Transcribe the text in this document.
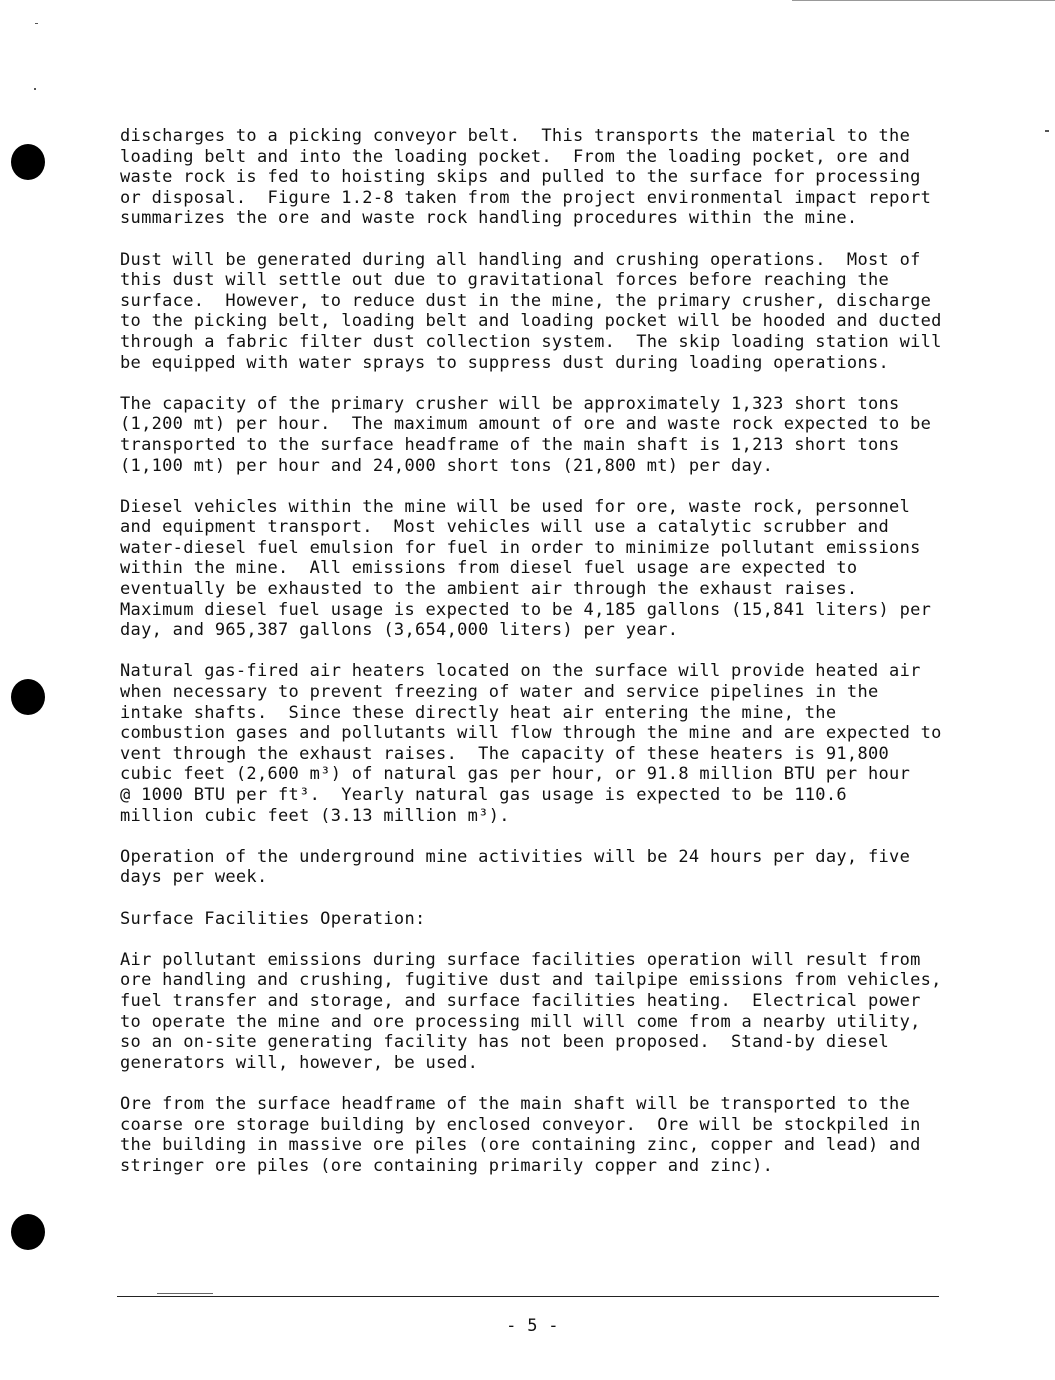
discharges to a picking conveyor belt.  This transports the material to the
loading belt and into the loading pocket.  From the loading pocket, ore and
waste rock is fed to hoisting skips and pulled to the surface for processing
or disposal.  Figure 1.2-8 taken from the project environmental impact report
summarizes the ore and waste rock handling procedures within the mine.

Dust will be generated during all handling and crushing operations.  Most of
this dust will settle out due to gravitational forces before reaching the
surface.  However, to reduce dust in the mine, the primary crusher, discharge
to the picking belt, loading belt and loading pocket will be hooded and ducted
through a fabric filter dust collection system.  The skip loading station will
be equipped with water sprays to suppress dust during loading operations.

The capacity of the primary crusher will be approximately 1,323 short tons
(1,200 mt) per hour.  The maximum amount of ore and waste rock expected to be
transported to the surface headframe of the main shaft is 1,213 short tons
(1,100 mt) per hour and 24,000 short tons (21,800 mt) per day.

Diesel vehicles within the mine will be used for ore, waste rock, personnel
and equipment transport.  Most vehicles will use a catalytic scrubber and
water-diesel fuel emulsion for fuel in order to minimize pollutant emissions
within the mine.  All emissions from diesel fuel usage are expected to
eventually be exhausted to the ambient air through the exhaust raises.
Maximum diesel fuel usage is expected to be 4,185 gallons (15,841 liters) per
day, and 965,387 gallons (3,654,000 liters) per year.

Natural gas-fired air heaters located on the surface will provide heated air
when necessary to prevent freezing of water and service pipelines in the
intake shafts.  Since these directly heat air entering the mine, the
combustion gases and pollutants will flow through the mine and are expected to
vent through the exhaust raises.  The capacity of these heaters is 91,800
cubic feet (2,600 m³) of natural gas per hour, or 91.8 million BTU per hour
@ 1000 BTU per ft³.  Yearly natural gas usage is expected to be 110.6
million cubic feet (3.13 million m³).

Operation of the underground mine activities will be 24 hours per day, five
days per week.

Surface Facilities Operation:

Air pollutant emissions during surface facilities operation will result from
ore handling and crushing, fugitive dust and tailpipe emissions from vehicles,
fuel transfer and storage, and surface facilities heating.  Electrical power
to operate the mine and ore processing mill will come from a nearby utility,
so an on-site generating facility has not been proposed.  Stand-by diesel
generators will, however, be used.

Ore from the surface headframe of the main shaft will be transported to the
coarse ore storage building by enclosed conveyor.  Ore will be stockpiled in
the building in massive ore piles (ore containing zinc, copper and lead) and
stringer ore piles (ore containing primarily copper and zinc).

- 5 -
